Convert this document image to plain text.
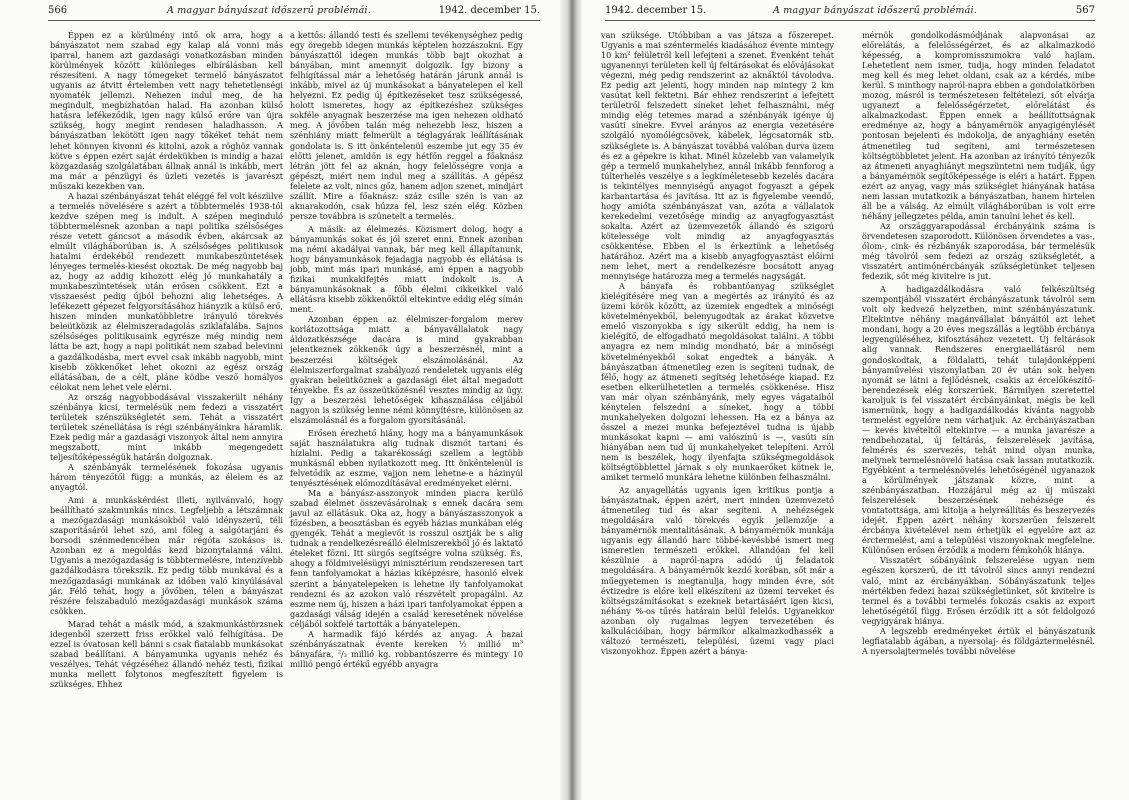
566	A magyar bányászat időszerű problémái.	1942. december 15.	1942. december 15.	A magyar bányászat időszerű problémái.	567

Éppen ez a körülmény intő ok arra, hogy a bányászatot nem szabad egy kalap alá vonni más iparral, hanem azt gazdasági vonatkozásban minden körülmények között különleges elbírálásban kell részesíteni. A nagy tömegeket termelő bányászatot ugyanis az átvitt értelemben vett nagy tehetetlenségi nyomaték jellemzi. Nehezen indul meg, de ha megindult, megbízhatóan halad. Ha azonban külső hatásra lefékeződik, igen nagy külső erőre van újra szükség, hogy megint rendesen haladhasson. A bányászatban lekötött igen nagy tőkéket tehát nem lehet könnyen kivonni és kitolni, azok a röghöz vannak kötve s éppen ezért saját érdekükben is mindíg a hazai közgazdaság szolgálatában állnak annál is inkább, mert ma már a pénzügyi és üzleti vezetés is javarészt műszaki kezekben van.

A hazai szénbányászat tehát eléggé fel volt készülve a termelés növelésére s azért a többtermelés 1938-tól kezdve szépen meg is indult. A szépen meginduló többtermelésnek azonban a napi politika szélsőséges része vetett gáncsot a második évben, akárcsak az elmúlt világháborúban is. A szélsőséges politikusok hatalmi érdekéből rendezett munkabeszüntetések lényeges termelés-kiesést okoztak. De még nagyobb baj az, hogy az addig kihozott elég jó munkahatály a munkabeszüntetések után erősen csökkent. Ezt a visszaesést pedig újból behozni alig lehetséges. A lefékezett gépezet felgyorsításához hiányzik a külső erő, hiszen minden munkatöbbletre irányuló törekvés beleütközik az élelmiszeradagolás sziklafalába. Sajnos szélsőséges politikusaink egyrésze még mindig nem látta be azt, hogy a napi politikát nem szabad belevinni a gazdálkodásba, mert evvel csak inkább nagyobb, mint kisebb zökkenőket lehet okozni az egész ország ellátásában, de a célt, pláne ködbe vesző homályos célokat nem lehet vele elérni.

Az ország nagyobbodásával visszakerült néhány szénbánya kicsi, termelésük nem fedezi a visszatért területek szénszükségletét sem. Tehát a visszatért területek szénellátása is régi szénbányáinkra háramlik. Ezek pedig már a gazdasági viszonyok által nem annyira megszabott, mint inkább megengedett teljesítőképességük határán dolgoznak.

A szénbányák termelésének fokozása ugyanis három tényezőtől függ: a munkás, az élelem és az anyagtól.

Ami a munkáskérdést illeti, nyilvánvaló, hogy beállítható szakmunkás nincs. Legfeljebb a létszámnak a mezőgazdasági munkásokból való idényszerű, téli szaporításáról lehet szó, ami főleg a salgótarjáni és borsodi szénmedencében már régóta szokásos is. Azonban ez a megoldás kezd bizonytalanná válni. Ugyanis a mezőgazdaság is többtermelésre, intenzívebb gazdálkodásra törekszik. Ez pedig több munkával és a mezőgazdasági munkának az időben való kinyúlásával jár. Félő tehát, hogy a jövőben, télen a bányászat részére felszabaduló mezőgazdasági munkások száma csökken.

Marad tehát a másik mód, a szakmunkástörzsnek idegenből szerzett friss erőkkel való felhígítása. De ezzel is óvatosan kell bánni s csak fiatalabb munkásokat szabad beállítani. A bányamunka ugyanis nehéz és veszélyes. Tehát végzéséhez állandó nehéz testi, fizikai munka mellett folytonos megfeszített figyelem is szükséges. Ehhez

a kettős: állandó testi és szellemi tevékenységhez pedig egy öregebb idegen munkás képtelen hozzászokni. Egy bányászattól idegen munkás több bajt okozhat a bányában, mint amennyit dolgozik. Így bizony a felhígítással már a lehetőség határán járunk annál is inkább, mivel az új munkásokat a bányatelepen el kell helyezni. Ez pedig új építkezéseket tesz szükségessé, holott ismeretes, hogy az építkezéshez szükséges sokféle anyagnak beszerzése ma igen nehezen oldható meg. A jövőben talán még nehezebb lesz, hiszen a szénhiány miatt felmerült a téglagyárak leállításának gondolata is. S itt önkéntelenül eszembe jut egy 35 év előtti jelenet, amidőn is egy hétfőn reggel a főaknász létrán jött fel az aknán, hogy felelősségre vonja a gépészt, miért nem indul meg a szállítás. A gépész felelete az volt, nincs gőz, hanem adjon szenet, mindjárt szállít. Mire a főaknász: száz csille szén is van az aknarakodón, csak húzza fel, lesz szén elég. Közben persze továbbra is szünetelt a termelés.

A másik: az élelmezés. Közismert dolog, hogy a bányamunkás sokat és jól szeret enni. Ennek azonban ma némi akadályai vannak, bár meg kell állapítanunk, hogy bányamunkások fejadagja nagyobb és ellátása is jobb, mint más ipari munkásé, ami éppen a nagyobb fizikai munkakifejtés miatt indokolt is. A bányamunkásoknak a főbb élelmi cikkeikkel való ellátásra kisebb zökkenőktől eltekintve eddig elég símán ment.

Azonban éppen az élelmiszer-forgalom merev korlátozottsága miatt a bányavállalatok nagy áldozatkészsége dacára is mind gyakrabban jelentkeznek zökkenők úgy a beszerzésnél, mint a beszerzési költségek elszámolásánál. Az élelmiszerforgalmat szabályozó rendeletek ugyanis elég gyakran beleütköznek a gazdasági élet által megadott tényekbe. És az összeütközésnél vesztes mindig az ügy. Így a beszerzési lehetőségek kihasználása céljából nagyon is szükség lenne némi könnyítésre, különösen az elszámolásnál és a forgalom gyorsításánál.

Erősen érezhető hiány, hogy ma a bányamunkások saját használatukra alig tudnak disznót tartani és hízlalni. Pedig a takarékossági szellem a legtöbb munkásnál ebben nyilatkozott meg. Itt önkéntelenül is felvetődik az eszme, vajjon nem lehetne-e a házinyúl tenyésztésének előmozdításával eredményeket elérni.

Ma a bányász-asszonyok minden piacra kerülő szabad élelmet összevásárolnak s ennek dacára sem javul az ellátásuk. Oka az, hogy a bányászasszonyok a főzésben, a beosztásban és egyéb házias munkában elég gyengék. Tehát a meglevőt is rosszul osztják be s alig tudnak a rendelkezésreálló élelmiszerekből jó és laktató ételeket főzni. Itt sürgős segítségre volna szükség. És, ahogy a földmivelésügyi minisztérium rendszeresen tart fenn tanfolyamokat a házias kiképzésre, hasonló elvek szerint a bányatelepeken is lehetne ily tanfolyamokat rendezni és az azokon való részvételt propagálni. Az eszme nem új, hiszen a házi ipari tanfolyamokat éppen a gazdasági válság idején a család keresetének növelése céljából sokfelé tartották a bányatelepen.

A harmadik fájó kérdés az anyag. A hazai szénbányászatnak évente kereken ½ millió $m^3$ bányafára, $^2$/₃ millió kg. robbantószerre és mintegy 10 millió pengő értékű egyébb anyagra

van szüksége. Utóbbiban a vas játsza a főszerepet. Ugyanis a mai széntermelés kiadásához évente mintegy 10 $km^2$ felületről kell lefejteni a szenet. Évenként tehát ugyanennyi területen kell új feltárásokat és elővájásokat végezni, még pedig rendszerint az aknáktól távolodva. Ez pedig azt jelenti, hogy minden nap mintegy 2 km vasútat kell fektetni. Bár ehhez rendszerint a lefejtett területről felszedett síneket lehet felhasználni, még mindig elég tetemes marad a szénbányák igénye új vasúti sínekre. Evvel arányos az energia vezetésére szolgáló nyomólégcsövek, kábelek, légcsatornák stb. szükséglete is. A bányászat továbbá valóban durva üzem és ez a gépekre is kihat. Minél közelebb van valamelyik gép a termelő munkahelyhez, annál inkább fennforog a túlterhelés veszélye s a legkíméletesebb kezelés dacára is tekintélyes mennyiségű anyagot fogyaszt a gépek karbantartása és javítása. Itt az is figyelembe veendő, hogy amióta szénbányászat van, azóta a vállalatok kerekedelmi vezetősége mindig az anyagfogyasztást sokalta. Azért az üzemvezetők állandó és szigorú kötelessége volt mindig az anyagfogyasztás csökkentése. Ebben el is érkeztünk a lehetőség határához. Azért ma a kisebb anyagfogyasztást előírni nem lehet, mert a rendelkezésre bocsátott anyag mennyisége határozza meg a termelés nagyságát.

A bányafa és robbantóanyag szükséglet kielégítésére meg van a megértés az irányító és az üzemi körök között; az üzemiek engedtek a minőségi követelményekből, belenyugodtak az árakat közvetve emelő viszonyokba s így sikerült eddig, ha nem is kielégítő, de elfogadható megoldásokat találni. A többi anyagra ez nem mindig mondható, bár a minőségi követelményekből sokat engedtek a bányák. A bányászatban átmenetileg ezen is segíteni tudnak, de félő, hogy az átmeneti segítség lehetősége kiapad. Ez esetben elkerülhetetlen a termelés csökkenése. Hisz van már olyan szénbányánk, mely egyes vágataiból kénytelen felszedni a síneket, hogy a többi munkahelyeken dolgozni lehessen. Ha ez a bánya az ősszel a mezei munka befejeztével tudna is újabb munkásokat kapni — ami valószínű is —, vasúti sín hiányában nem tud új munkahelyeket telepíteni. Arról nem is beszélek, hogy ilyenfajta szükségmegoldások költségtöbblettel járnak s oly munkaerőket kötnek le, amiket termelő munkára lehetne különben felhasználni.

Az anyagellátás ugyanis igen kritikus pontja a bányászatnak, éppen azért, mert minden üzemvezető átmenetileg tud és akar segíteni. A nehézségek megoldására való törekvés egyik jellemzője a bányamérnök mentalitásának. A bányamérnök munkája ugyanis egy állandó harc többé-kevésbbé ismert meg ismeretlen természeti erőkkel. Állandóan fel kell készülnie a napról-napra adódó új feladatok megoldására. A bányamérnök kezdő korában, sőt már a műegyetemen is megtanulja, hogy minden évre, sőt évtizedre is előre kell elkészíteni az üzemi terveket és költségszámításokat s ezeknek betartásáért igen kicsi, néhány %-os tűrés határain belül felelős. Ugyanekkor azonban oly rugalmas legyen tervezetében és kalkulációiban, hogy bármikor alkalmazkodhassék a változó természeti, települési, üzemi vagy piaci viszonyokhoz. Éppen azért a bánya-

mérnök gondolkodásmódjának alapvonásai az előrelátás, a felelősségérzet, és az alkalmazkodó képesség, a kompromisszumokra való hajlam. Lehetetlent nem ismer, tudja, hogy minden feladatot meg kell és meg lehet oldani, csak az a kérdés, mibe kerül. S minthogy napról-napra ebben a gondolatkörben mozog, másról is természetesen feltételezi, sőt elvárja ugyanezt a felelősségérzetet, előrelátást és alkalmazkodast. Éppen ennek a beállítottságnak eredménye az, hogy a bányamérnök anyagigénylését pontosan bejelenti és indokolja, de anyaghiány esetén átmenetileg tud segíteni, ami természetesen költségtöbbletet jelent. Ha azonban az irányító tényezők az átmeneti anyaghiányt megszüntetni nem tudják, úgy a bányamérnök segítőképessége is eléri a határt. Éppen ezért az anyag, vagy más szükséglet hiányának hatása nem lassan mutatkozik a bányászatban, hanem hirtelen áll be a válság. Az elmúlt világháborúban is volt erre néhány jellegzetes példa, amin tanulni lehet és kell.

Az országgyarapodással ércbányáink száma is örvendetesen szaporodott. Különösen örvendetes a vas-, ólom-, cink- és rézbányák szaporodása, bár termelésük még távolról sem fedezi az ország szükségletét, a visszatért antimónércbányák szükségletünket teljesen fedezik, sőt még kivitelre is jut.

A hadigazdálkodásra való felkészültség szempontjából visszatért ércbányászatunk távolról sem volt oly kedvező helyzetben, mint szénbányászatunk. Eltekintve néhány magánvállalat bányáitól azt lehet mondani, hogy a 20 éves megszállás a legtöbb ércbánya legyengüléséhez, kifosztásához vezetett. Új feltárások alig vannak. Rendszeres energiaellátásról nem gondoskodtak, a földalatti, tehát tulajdonképpeni bányaművelési viszonylatban 20 év után sok helyen nyomát se látni a fejlődésnek, csakis az ércelőkészítő-berendezések elég korszerűek. Bármilyen szeretettel karoljuk is fel visszatért ércbányáinkat, mégis be kell ismernünk, hogy a hadigazdálkodás kívánta nagyobb termelést egyelőre nem várhatjuk. Az ércbányászatban — kevés kivételtől eltekintve — a munka javarésze a rendbehozatal, új feltárás, felszerelések javítása, felmérés és szervezés, tehát mind olyan munka, melynek termelésnövelő hatása csak lassan mutatkozik. Egyébként a termelésnövelés lehetőségénél ugyanazok a körülmények játszanak közre, mint a szénbányászatban. Hozzájárul még az új műszaki felszerelések beszerzésének nehézsége és vontatottsága, ami kitolja a helyreállítás és beszervezés idejét. Éppen azért néhány korszerűen felszerelt ércbánya kivételével nem érhetjük el egyelőre azt az érctermelést, ami a települési viszonyoknak megfelelne. Különösen erősen érződik a modern fémkohók hiánya.

Visszatért sóbányáink felszerelése ugyan nem egészen korszerű, de itt távolról sincs annyi rendezni való, mint az ércbányákban. Sóbányászatunk teljes mértékben fedezi hazai szükségletünket, sőt kivitelre is termel és a további termelés fokozás csakis az export lehetőségétől függ. Erősen érződik itt a sót feldolgozó vegyigyárak hiánya.

A legszebb eredményeket értük el bányászatunk legfiatalabb ágában, a nyersolaj- és földgáztermelésnél. A nyersolajtermelés további növelése
